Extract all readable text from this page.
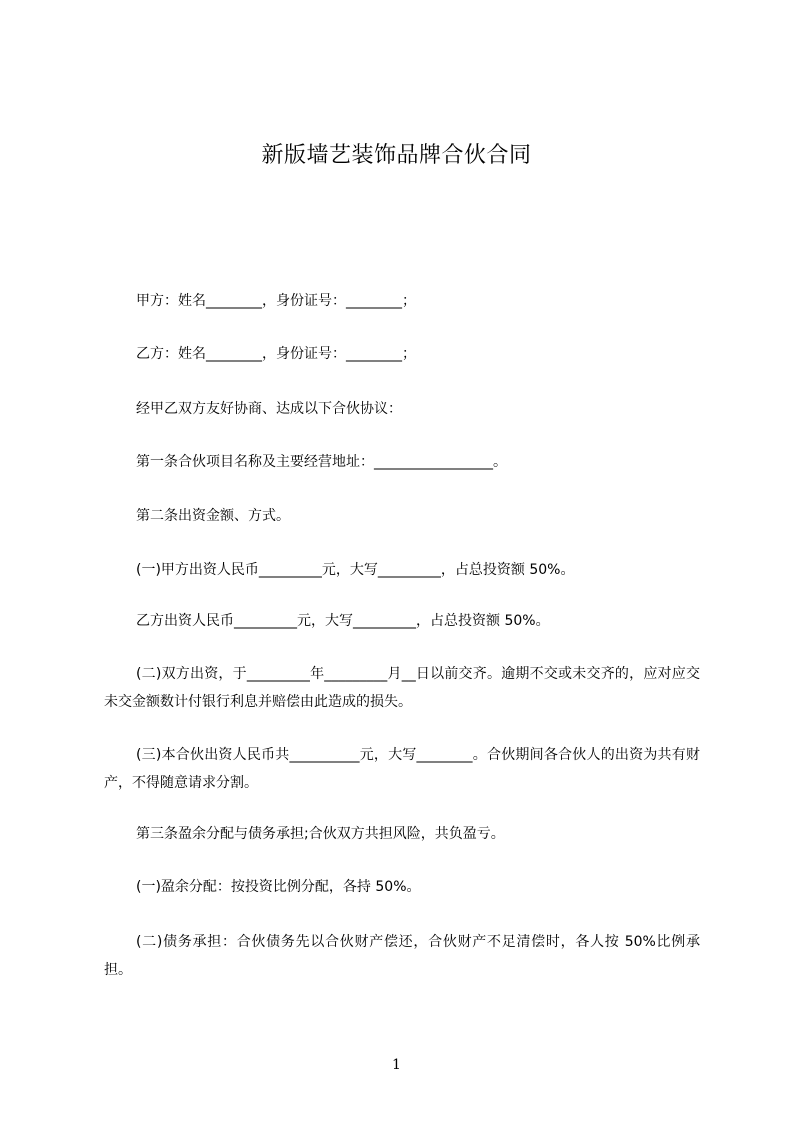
新版墙艺装饰品牌合伙合同
甲方：姓名________，身份证号：________；
乙方：姓名________，身份证号：________；
经甲乙双方友好协商、达成以下合伙协议：
第一条合伙项目名称及主要经营地址：_________________。
第二条出资金额、方式。
(一)甲方出资人民币_________元，大写_________，占总投资额 50%。
乙方出资人民币_________元，大写_________，占总投资额 50%。
(二)双方出资，于_________年_________月__日以前交齐。逾期不交或未交齐的，应对应交未交金额数计付银行利息并赔偿由此造成的损失。
(三)本合伙出资人民币共__________元，大写________。合伙期间各合伙人的出资为共有财产，不得随意请求分割。
第三条盈余分配与债务承担;合伙双方共担风险，共负盈亏。
(一)盈余分配：按投资比例分配，各持 50%。
(二)债务承担：合伙债务先以合伙财产偿还，合伙财产不足清偿时，各人按 50%比例承担。
1
